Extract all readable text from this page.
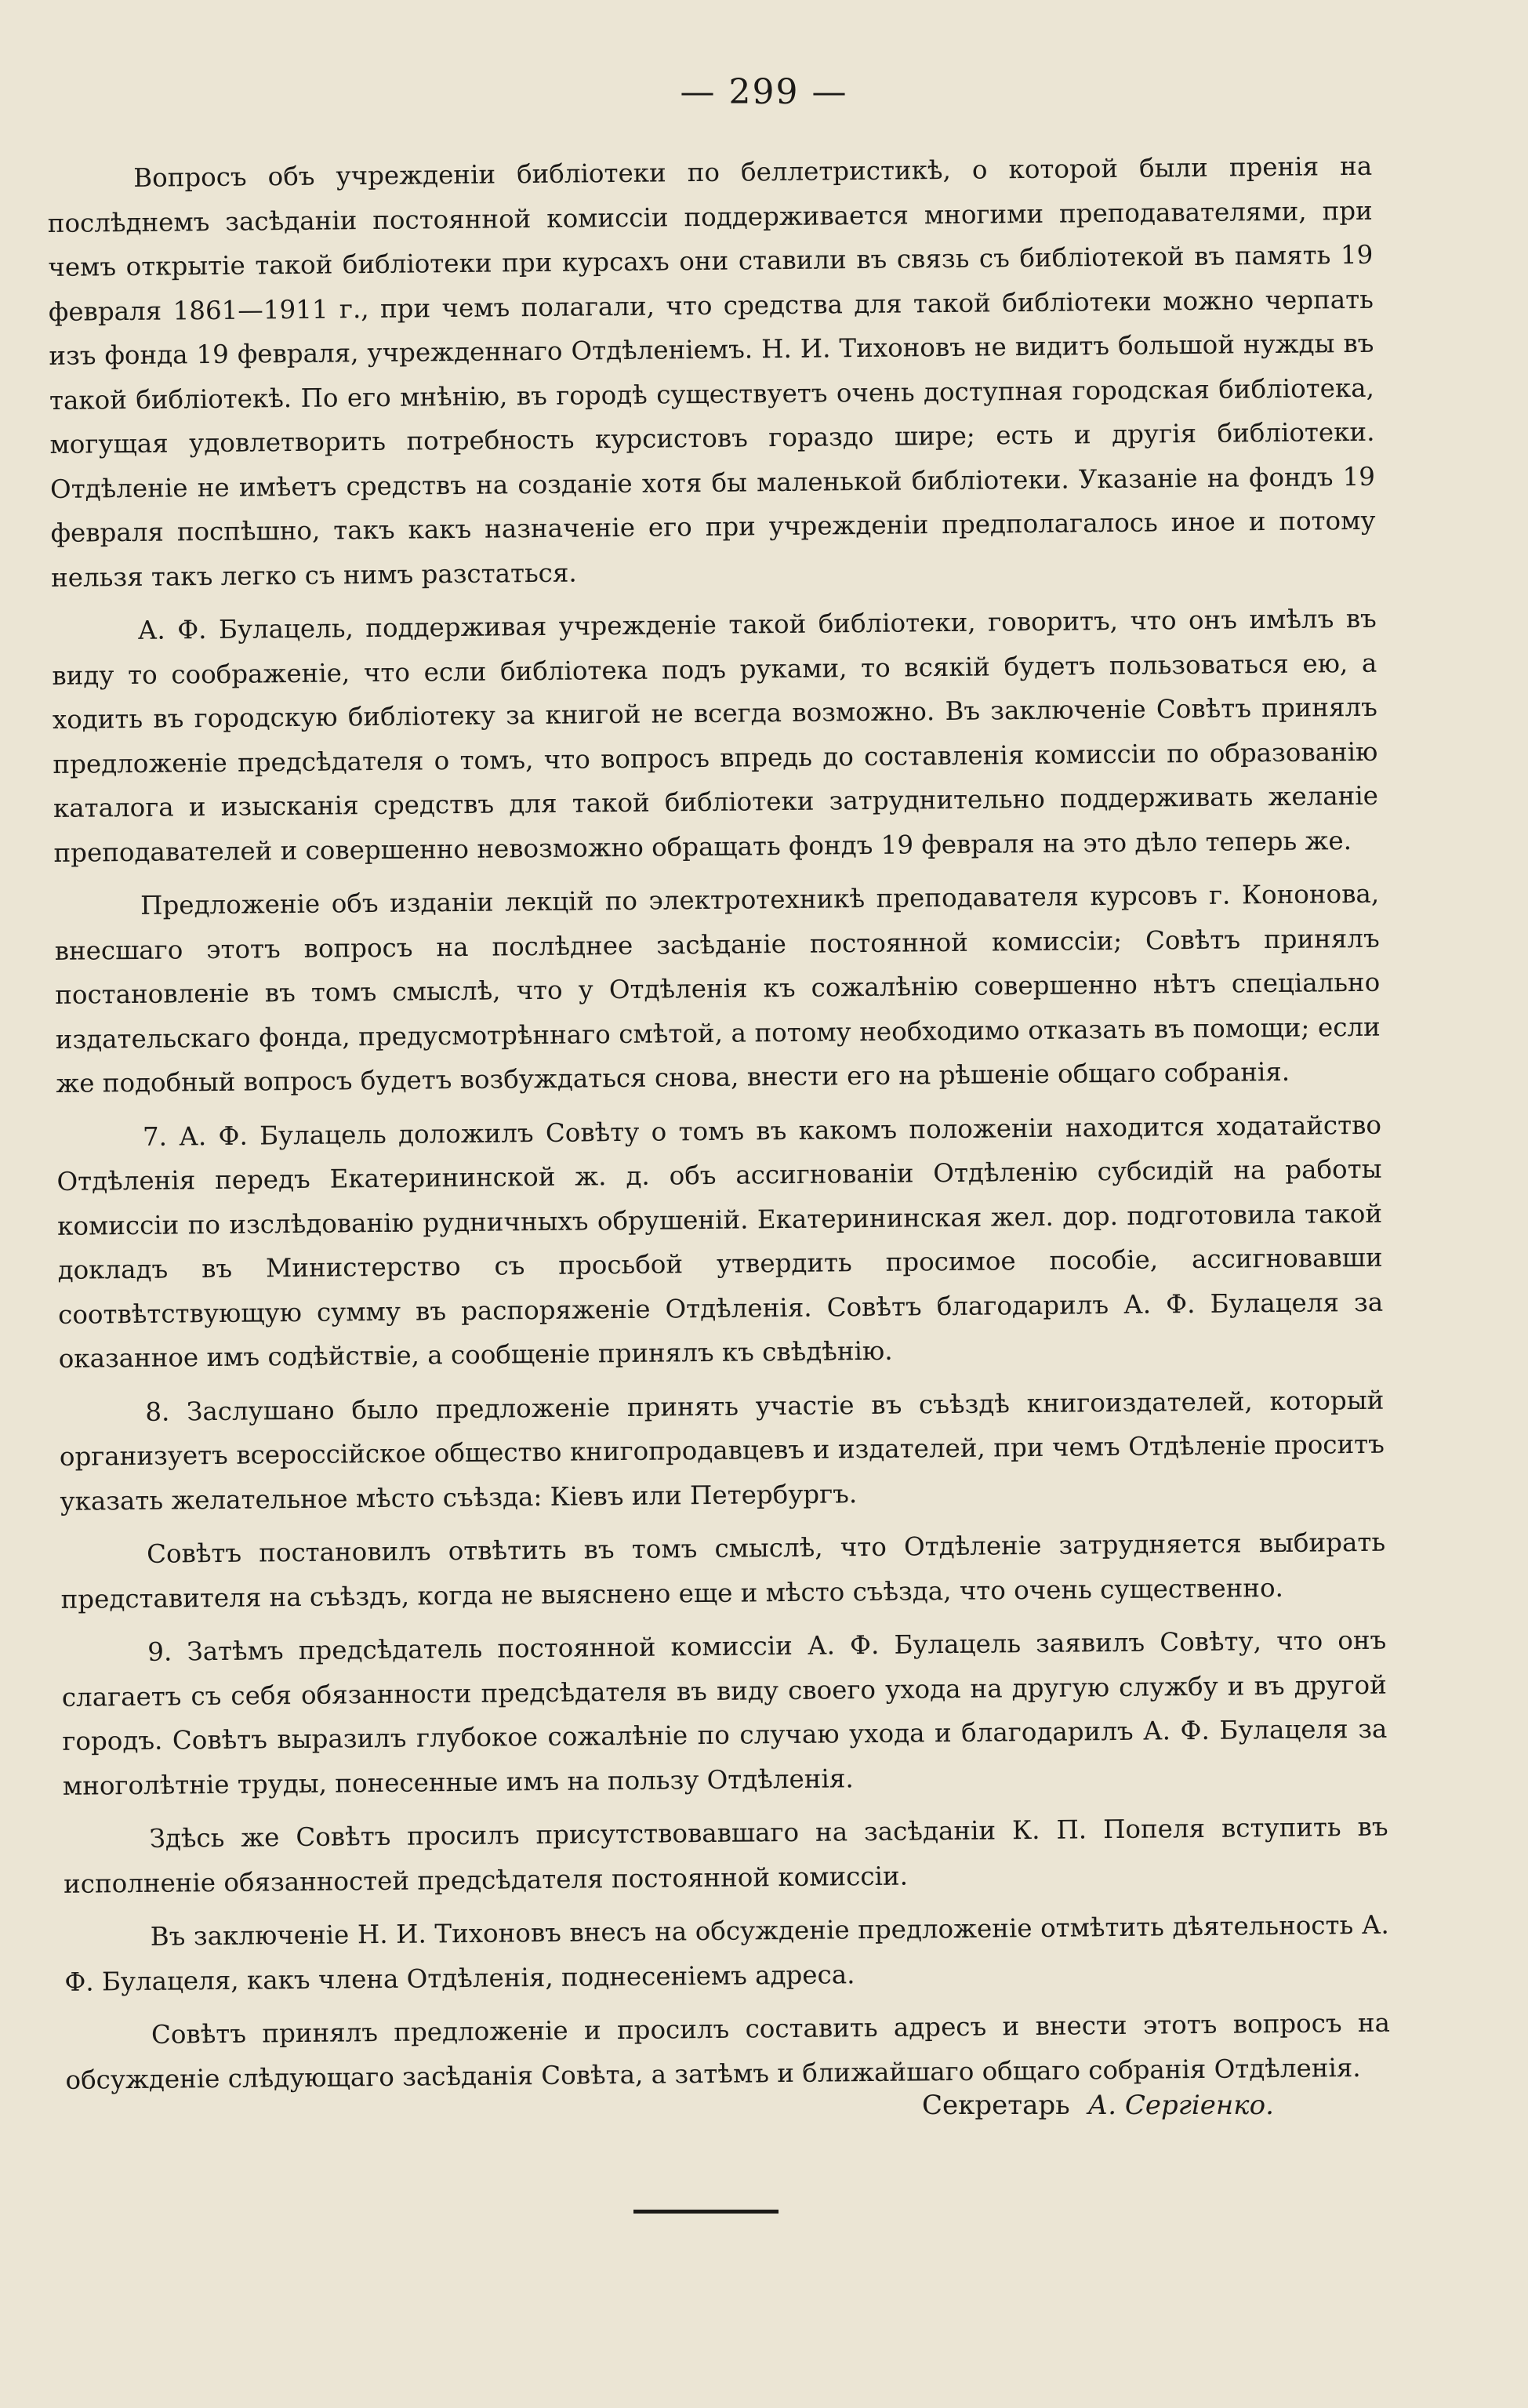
— 299 —

Вопросъ объ учрежденіи библіотеки по беллетристикѣ, о которой были пренія на послѣднемъ засѣданіи постоянной комиссіи поддерживается многими преподавателями, при чемъ открытіе такой библіотеки при курсахъ они ставили въ связь съ библіотекой въ память 19 февраля 1861—1911 г., при чемъ полагали, что средства для такой библіотеки можно черпать изъ фонда 19 февраля, учрежденнаго Отдѣленіемъ. Н. И. Тихоновъ не видитъ большой нужды въ такой библіотекѣ. По его мнѣнію, въ городѣ существуетъ очень доступная городская библіотека, могущая удовлетворить потребность курсистовъ гораздо шире; есть и другія библіотеки. Отдѣленіе не имѣетъ средствъ на созданіе хотя бы маленькой библіотеки. Указаніе на фондъ 19 февраля поспѣшно, такъ какъ назначеніе его при учрежденіи предполагалось иное и потому нельзя такъ легко съ нимъ разстаться.

А. Ф. Булацель, поддерживая учрежденіе такой библіотеки, говоритъ, что онъ имѣлъ въ виду то соображеніе, что если библіотека подъ руками, то всякій будетъ пользоваться ею, а ходить въ городскую библіотеку за книгой не всегда возможно. Въ заключеніе Совѣтъ принялъ предложеніе предсѣдателя о томъ, что вопросъ впредь до составленія комиссіи по образованію каталога и изысканія средствъ для такой библіотеки затруднительно поддерживать желаніе преподавателей и совершенно невозможно обращать фондъ 19 февраля на это дѣло теперь же.

Предложеніе объ изданіи лекцій по электротехникѣ преподавателя курсовъ г. Кононова, внесшаго этотъ вопросъ на послѣднее засѣданіе постоянной комиссіи; Совѣтъ принялъ постановленіе въ томъ смыслѣ, что у Отдѣленія къ сожалѣнію совершенно нѣтъ спеціально издательскаго фонда, предусмотрѣннаго смѣтой, а потому необходимо отказать въ помощи; если же подобный вопросъ будетъ возбуждаться снова, внести его на рѣшеніе общаго собранія.

7. А. Ф. Булацель доложилъ Совѣту о томъ въ какомъ положеніи находится ходатайство Отдѣленія передъ Екатерининской ж. д. объ ассигнованіи Отдѣленію субсидій на работы комиссіи по изслѣдованію рудничныхъ обрушеній. Екатерининская жел. дор. подготовила такой докладъ въ Министерство съ просьбой утвердить просимое пособіе, ассигновавши соотвѣтствующую сумму въ распоряженіе Отдѣленія. Совѣтъ благодарилъ А. Ф. Булацеля за оказанное имъ содѣйствіе, а сообщеніе принялъ къ свѣдѣнію.

8. Заслушано было предложеніе принять участіе въ съѣздѣ книгоиздателей, который организуетъ всероссійское общество книгопродавцевъ и издателей, при чемъ Отдѣленіе проситъ указать желательное мѣсто съѣзда: Кіевъ или Петербургъ.

Совѣтъ постановилъ отвѣтить въ томъ смыслѣ, что Отдѣленіе затрудняется выбирать представителя на съѣздъ, когда не выяснено еще и мѣсто съѣзда, что очень существенно.

9. Затѣмъ предсѣдатель постоянной комиссіи А. Ф. Булацель заявилъ Совѣту, что онъ слагаетъ съ себя обязанности предсѣдателя въ виду своего ухода на другую службу и въ другой городъ. Совѣтъ выразилъ глубокое сожалѣніе по случаю ухода и благодарилъ А. Ф. Булацеля за многолѣтніе труды, понесенные имъ на пользу Отдѣленія.

Здѣсь же Совѣтъ просилъ присутствовавшаго на засѣданіи К. П. Попеля вступить въ исполненіе обязанностей предсѣдателя постоянной комиссіи.

Въ заключеніе Н. И. Тихоновъ внесъ на обсужденіе предложеніе отмѣтить дѣятельность А. Ф. Булацеля, какъ члена Отдѣленія, поднесеніемъ адреса.

Совѣтъ принялъ предложеніе и просилъ составить адресъ и внести этотъ вопросъ на обсужденіе слѣдующаго засѣданія Совѣта, а затѣмъ и ближайшаго общаго собранія Отдѣленія.

Секретарь А. Сергіенко.
